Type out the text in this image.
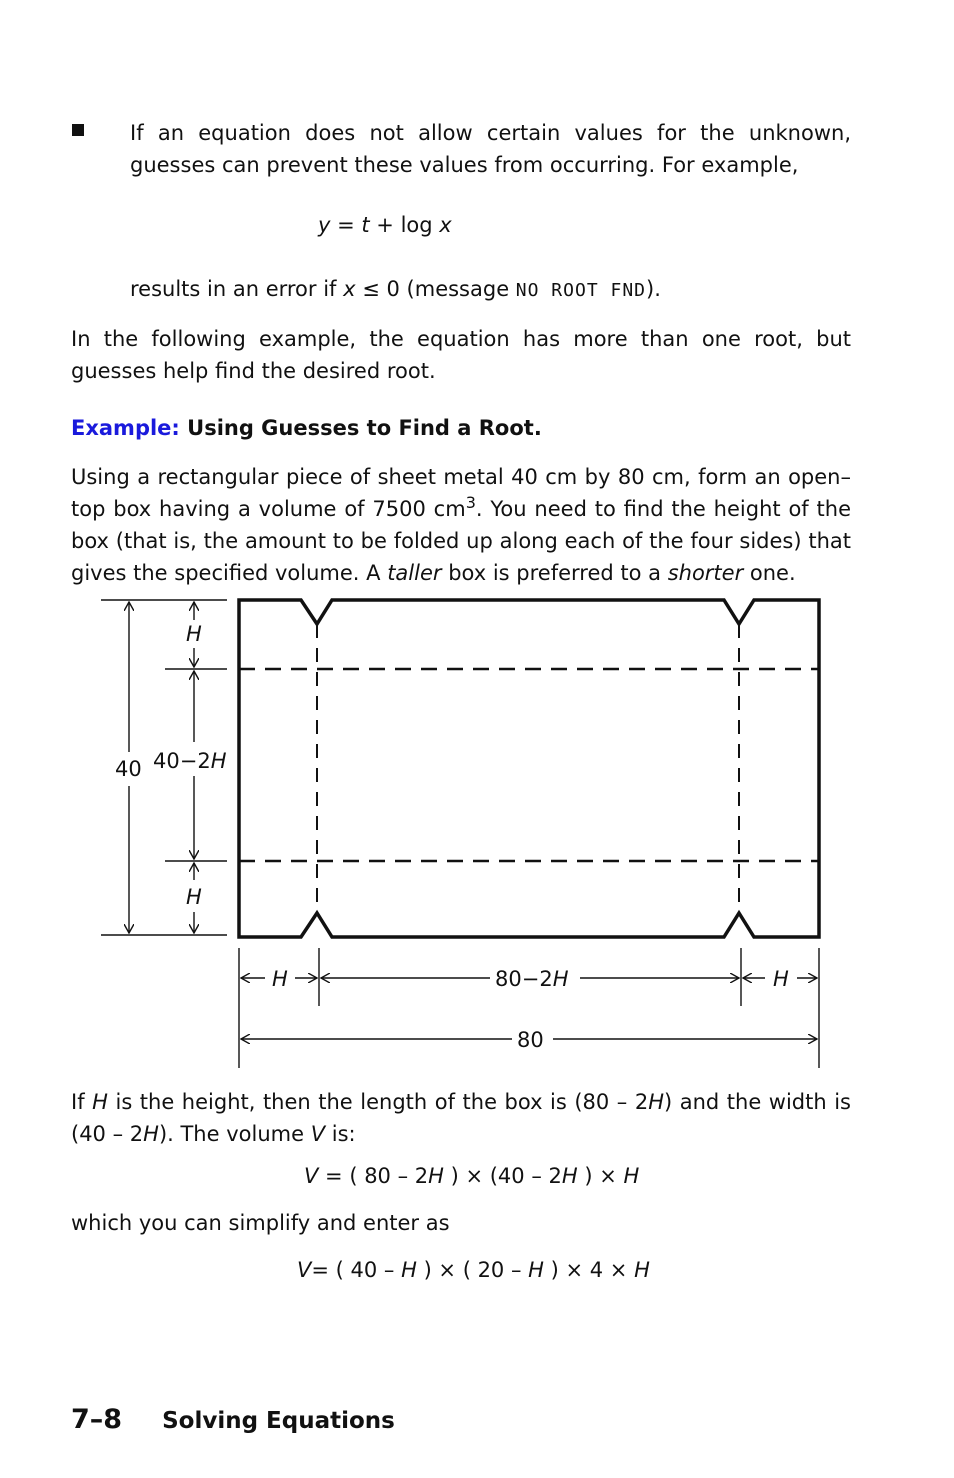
If an equation does not allow certain values for the unknown, guesses can prevent these values from occurring. For example,
y = t + log x
results in an error if x ≤ 0 (message NO ROOT FND).
In the following example, the equation has more than one root, but guesses help find the desired root.
Example: Using Guesses to Find a Root.
Using a rectangular piece of sheet metal 40 cm by 80 cm, form an open–top box having a volume of 7500 $cm^3$. You need to find the height of the box (that is, the amount to be folded up along each of the four sides) that gives the specified volume. A taller box is preferred to a shorter one.
40
H
40−2H
H
H	80−2H	H
80
If H is the height, then the length of the box is (80 – 2H) and the width is (40 – 2H). The volume V is:
V = ( 80 – 2H ) × (40 – 2H ) × H
which you can simplify and enter as
V= ( 40 – H ) × ( 20 – H ) × 4 × H
7–8 Solving Equations
